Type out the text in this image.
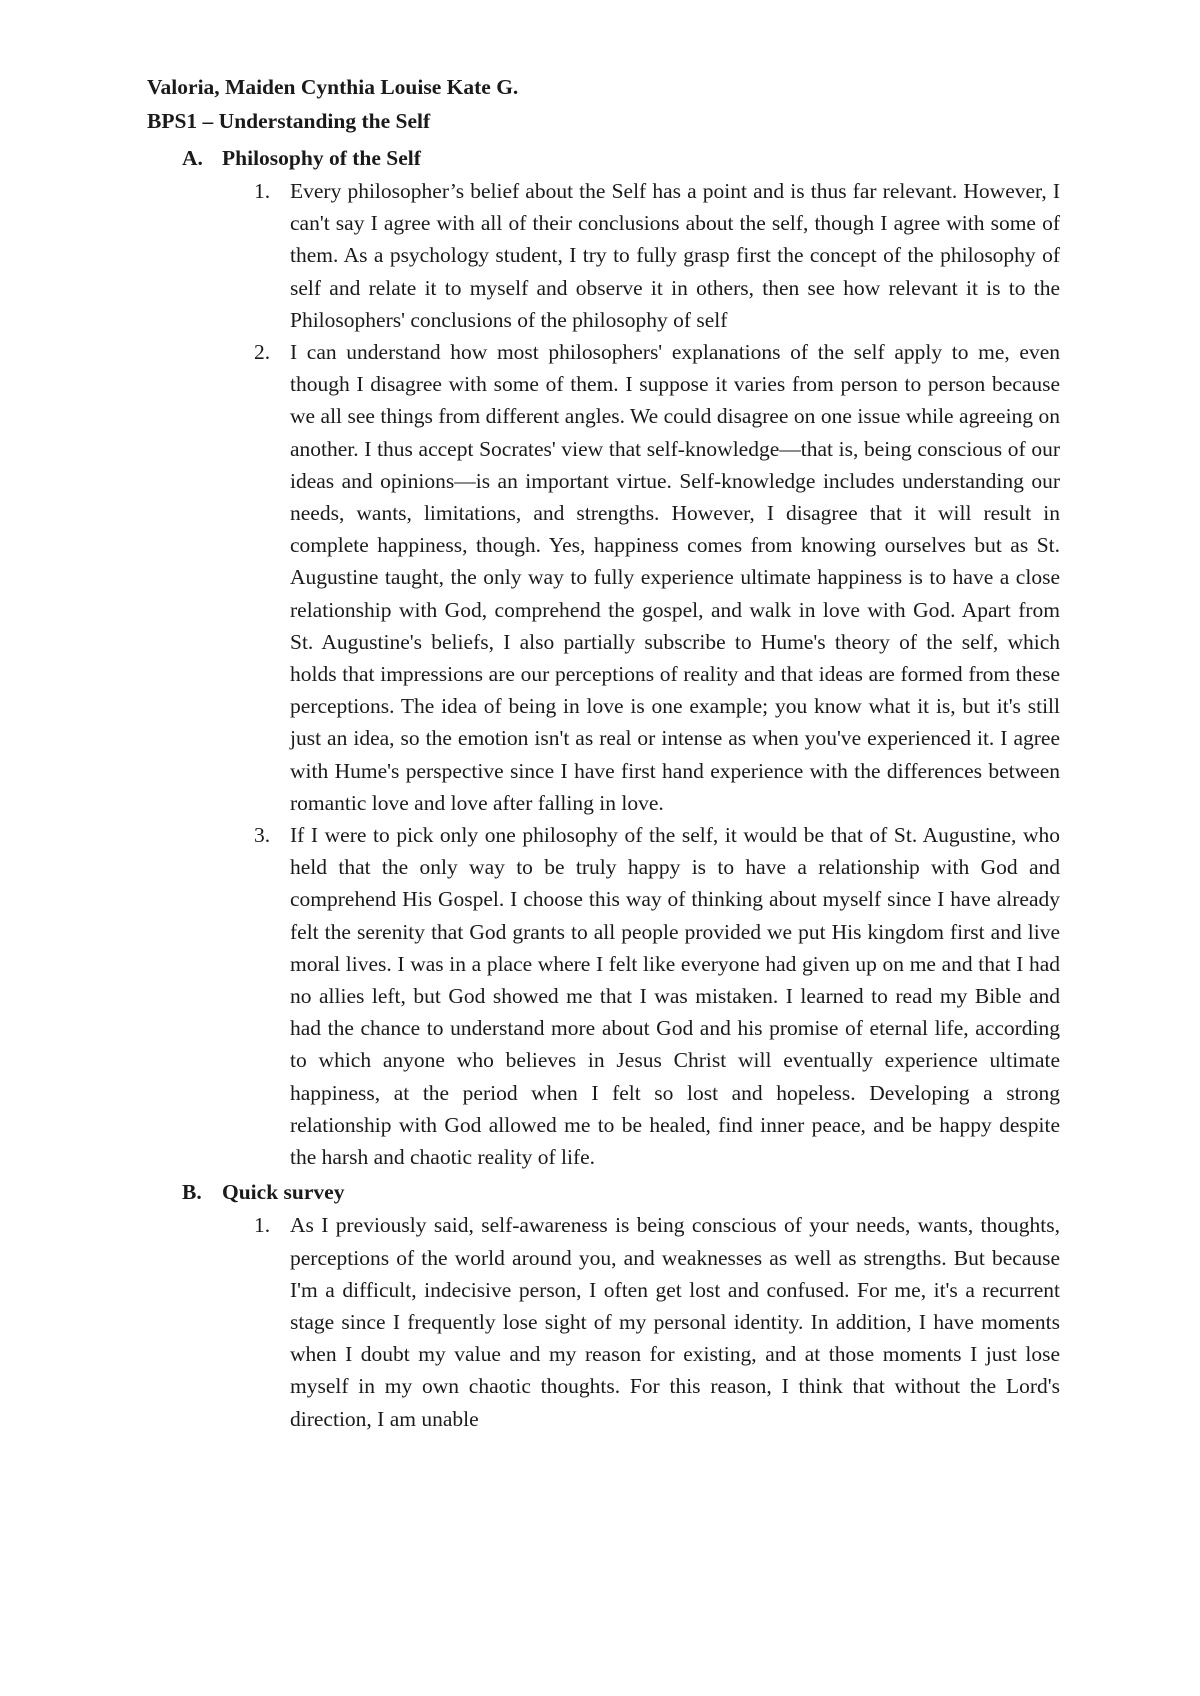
Valoria, Maiden Cynthia Louise Kate G.
BPS1 – Understanding the Self
A. Philosophy of the Self
1. Every philosopher’s belief about the Self has a point and is thus far relevant. However, I can't say I agree with all of their conclusions about the self, though I agree with some of them. As a psychology student, I try to fully grasp first the concept of the philosophy of self and relate it to myself and observe it in others, then see how relevant it is to the Philosophers' conclusions of the philosophy of self
2. I can understand how most philosophers' explanations of the self apply to me, even though I disagree with some of them. I suppose it varies from person to person because we all see things from different angles. We could disagree on one issue while agreeing on another. I thus accept Socrates' view that self-knowledge—that is, being conscious of our ideas and opinions—is an important virtue. Self-knowledge includes understanding our needs, wants, limitations, and strengths. However, I disagree that it will result in complete happiness, though. Yes, happiness comes from knowing ourselves but as St. Augustine taught, the only way to fully experience ultimate happiness is to have a close relationship with God, comprehend the gospel, and walk in love with God. Apart from St. Augustine's beliefs, I also partially subscribe to Hume's theory of the self, which holds that impressions are our perceptions of reality and that ideas are formed from these perceptions. The idea of being in love is one example; you know what it is, but it's still just an idea, so the emotion isn't as real or intense as when you've experienced it. I agree with Hume's perspective since I have first hand experience with the differences between romantic love and love after falling in love.
3. If I were to pick only one philosophy of the self, it would be that of St. Augustine, who held that the only way to be truly happy is to have a relationship with God and comprehend His Gospel. I choose this way of thinking about myself since I have already felt the serenity that God grants to all people provided we put His kingdom first and live moral lives. I was in a place where I felt like everyone had given up on me and that I had no allies left, but God showed me that I was mistaken. I learned to read my Bible and had the chance to understand more about God and his promise of eternal life, according to which anyone who believes in Jesus Christ will eventually experience ultimate happiness, at the period when I felt so lost and hopeless. Developing a strong relationship with God allowed me to be healed, find inner peace, and be happy despite the harsh and chaotic reality of life.
B. Quick survey
1. As I previously said, self-awareness is being conscious of your needs, wants, thoughts, perceptions of the world around you, and weaknesses as well as strengths. But because I'm a difficult, indecisive person, I often get lost and confused. For me, it's a recurrent stage since I frequently lose sight of my personal identity. In addition, I have moments when I doubt my value and my reason for existing, and at those moments I just lose myself in my own chaotic thoughts. For this reason, I think that without the Lord's direction, I am unable
